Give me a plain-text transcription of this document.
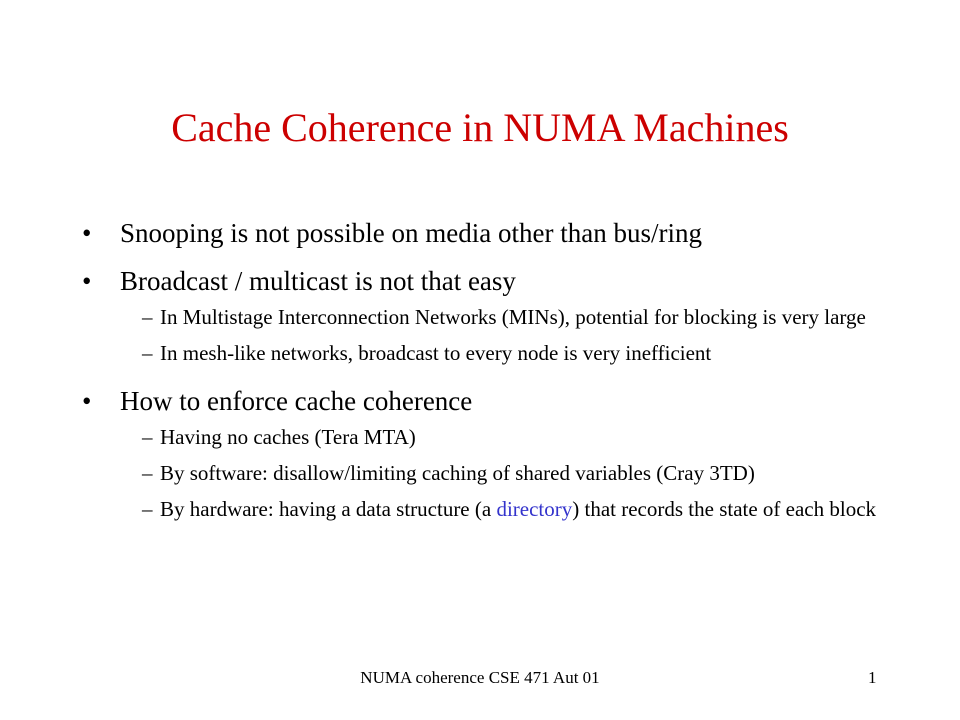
Cache Coherence in NUMA Machines
• Snooping is not possible on media other than bus/ring
• Broadcast / multicast is not that easy
– In Multistage Interconnection Networks (MINs), potential for blocking is very large
– In mesh-like networks, broadcast to every node is very inefficient
• How to enforce cache coherence
– Having no caches (Tera MTA)
– By software: disallow/limiting caching of shared variables (Cray 3TD)
– By hardware: having a data structure (a directory) that records the state of each block
NUMA coherence CSE 471 Aut 01	1
